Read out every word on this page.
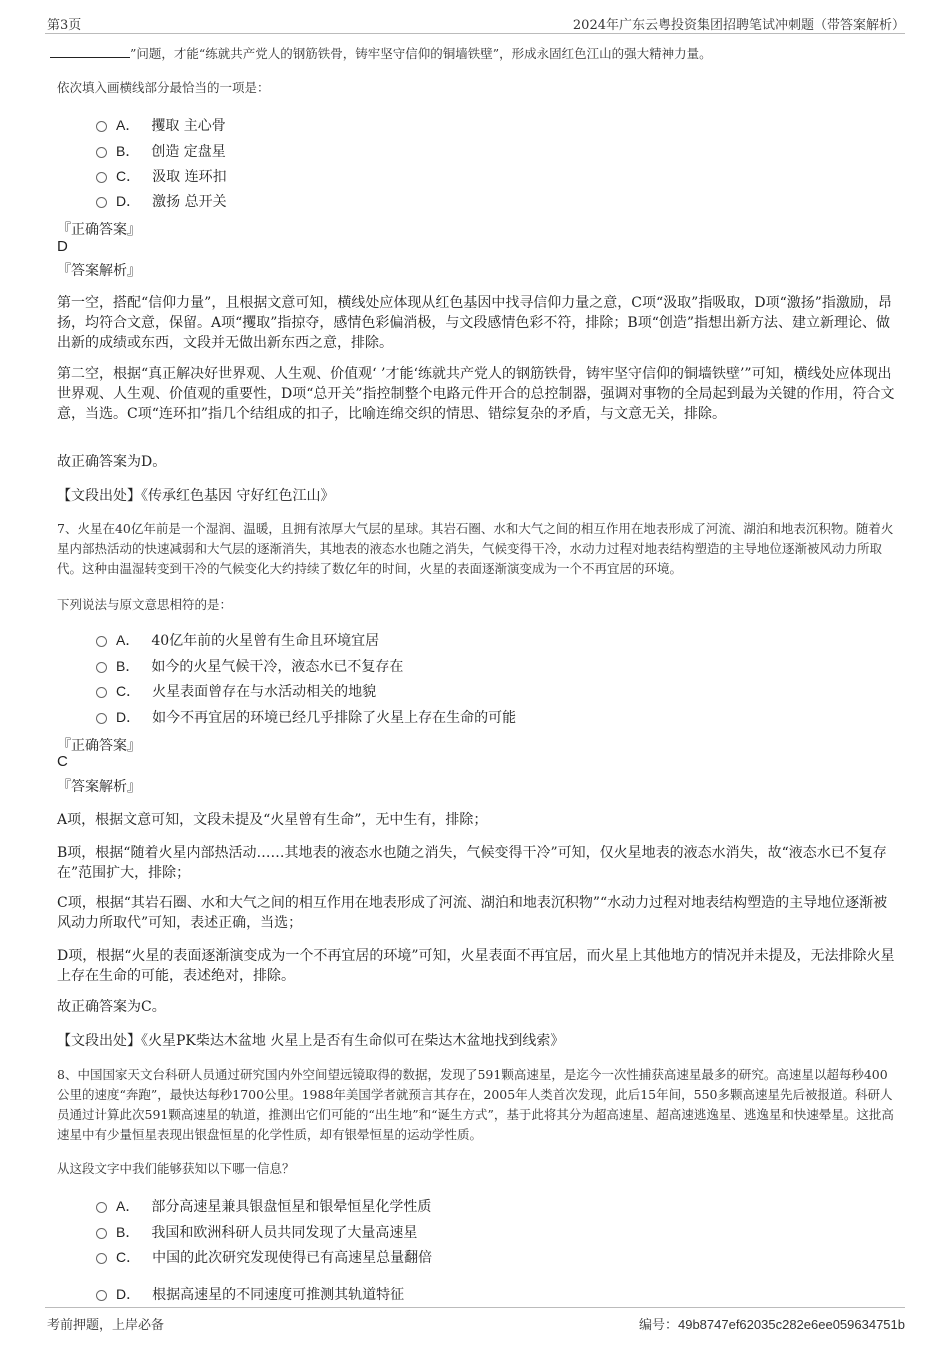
第3页	2024年广东云粤投资集团招聘笔试冲刺题（带答案解析）
”问题，才能“练就共产党人的钢筋铁骨，铸牢坚守信仰的铜墙铁壁”，形成永固红色江山的强大精神力量。
依次填入画横线部分最恰当的一项是：
A． 攫取 主心骨
B． 创造 定盘星
C． 汲取 连环扣
D． 激扬 总开关
『正确答案』
D
『答案解析』
第一空，搭配“信仰力量”，且根据文意可知，横线处应体现从红色基因中找寻信仰力量之意，C项“汲取”指吸取，D项“激扬”指激励，昂扬，均符合文意，保留。A项“攫取”指掠夺，感情色彩偏消极，与文段感情色彩不符，排除；B项“创造”指想出新方法、建立新理论、做出新的成绩或东西，文段并无做出新东西之意，排除。
第二空，根据“真正解决好世界观、人生观、价值观‘ ’才能‘练就共产党人的钢筋铁骨，铸牢坚守信仰的铜墙铁壁’”可知，横线处应体现出世界观、人生观、价值观的重要性，D项“总开关”指控制整个电路元件开合的总控制器，强调对事物的全局起到最为关键的作用，符合文意，当选。C项“连环扣”指几个结组成的扣子，比喻连绵交织的情思、错综复杂的矛盾，与文意无关，排除。
故正确答案为D。
【文段出处】《传承红色基因 守好红色江山》
7、火星在40亿年前是一个湿润、温暖，且拥有浓厚大气层的星球。其岩石圈、水和大气之间的相互作用在地表形成了河流、湖泊和地表沉积物。随着火星内部热活动的快速减弱和大气层的逐渐消失，其地表的液态水也随之消失，气候变得干冷，水动力过程对地表结构塑造的主导地位逐渐被风动力所取代。这种由温湿转变到干冷的气候变化大约持续了数亿年的时间，火星的表面逐渐演变成为一个不再宜居的环境。
下列说法与原文意思相符的是：
A． 40亿年前的火星曾有生命且环境宜居
B． 如今的火星气候干冷，液态水已不复存在
C． 火星表面曾存在与水活动相关的地貌
D． 如今不再宜居的环境已经几乎排除了火星上存在生命的可能
『正确答案』
C
『答案解析』
A项，根据文意可知，文段未提及“火星曾有生命”，无中生有，排除；
B项，根据“随着火星内部热活动……其地表的液态水也随之消失，气候变得干冷”可知，仅火星地表的液态水消失，故“液态水已不复存在”范围扩大，排除；
C项，根据“其岩石圈、水和大气之间的相互作用在地表形成了河流、湖泊和地表沉积物”“水动力过程对地表结构塑造的主导地位逐渐被风动力所取代”可知，表述正确，当选；
D项，根据“火星的表面逐渐演变成为一个不再宜居的环境”可知，火星表面不再宜居，而火星上其他地方的情况并未提及，无法排除火星上存在生命的可能，表述绝对，排除。
故正确答案为C。
【文段出处】《火星PK柴达木盆地 火星上是否有生命似可在柴达木盆地找到线索》
8、中国国家天文台科研人员通过研究国内外空间望远镜取得的数据，发现了591颗高速星，是迄今一次性捕获高速星最多的研究。高速星以超每秒400公里的速度“奔跑”，最快达每秒1700公里。1988年美国学者就预言其存在，2005年人类首次发现，此后15年间，550多颗高速星先后被报道。科研人员通过计算此次591颗高速星的轨道，推测出它们可能的“出生地”和“诞生方式”，基于此将其分为超高速星、超高速逃逸星、逃逸星和快速晕星。这批高速星中有少量恒星表现出银盘恒星的化学性质，却有银晕恒星的运动学性质。
从这段文字中我们能够获知以下哪一信息？
A． 部分高速星兼具银盘恒星和银晕恒星化学性质
B． 我国和欧洲科研人员共同发现了大量高速星
C． 中国的此次研究发现使得已有高速星总量翻倍
D． 根据高速星的不同速度可推测其轨道特征
考前押题，上岸必备	编号：49b8747ef62035c282e6ee059634751b
